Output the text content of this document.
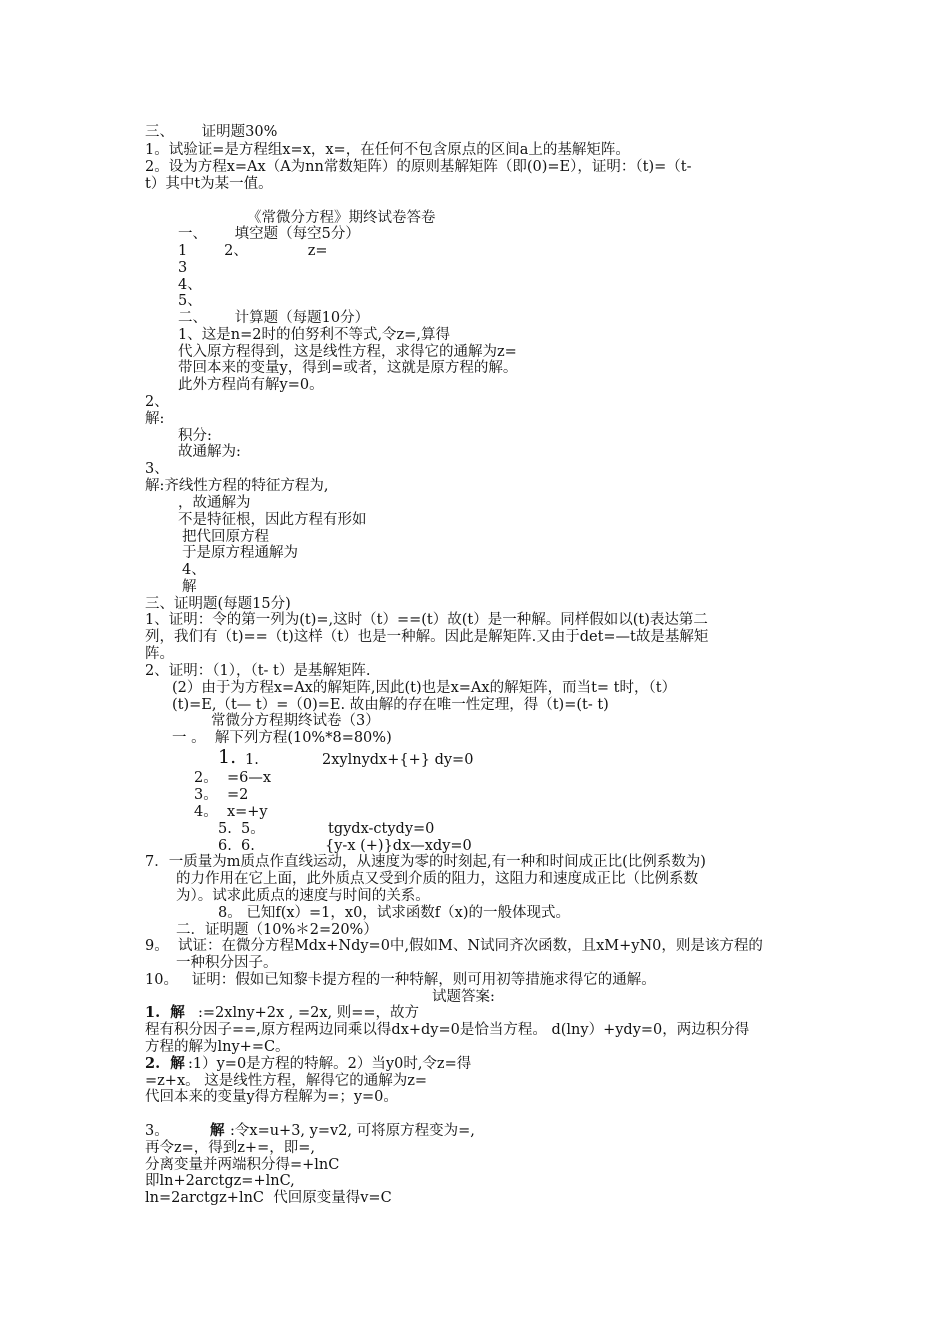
三、      证明题30%
1。试验证=是方程组x=x，x=，在任何不包含原点的区间a上的基解矩阵。
2。设为方程x=Ax（A为nn常数矩阵）的原则基解矩阵（即(0)=E），证明：（t)=（t-
t）其中t为某一值。
《常微分方程》期终试卷答卷
一、      填空题（每空5分）
1        2、             z=
3
4、
5、
二、      计算题（每题10分）
1、这是n=2时的伯努利不等式,令z=,算得
代入原方程得到，这是线性方程，求得它的通解为z=
带回本来的变量y，得到=或者，这就是原方程的解。
此外方程尚有解y=0。
2、
解:
积分:
故通解为:
3、
解:齐线性方程的特征方程为,
，故通解为
不是特征根，因此方程有形如
把代回原方程
于是原方程通解为
4、
解
三、证明题(每题15分)
1、证明：令的第一列为(t)=,这时（t）==(t）故(t）是一种解。同样假如以(t)表达第二
列，我们有（t)==（t)这样（t）也是一种解。因此是解矩阵.又由于det=—t故是基解矩
阵。
2、证明：（1），（t- t）是基解矩阵.
(2）由于为方程x=Ax的解矩阵,因此(t)也是x=Ax的解矩阵，而当t= t时，（t）
(t)=E,（t— t）=（0)=E. 故由解的存在唯一性定理，得（t)=(t- t)
常微分方程期终试卷（3）
一 。  解下列方程(10%*8=80%)
1. 1.	2xylnydx+{+} dy=0
2。  =6—x
3。  =2
4。  x=+y
5.  5。	tgydx-ctydy=0
6.  6.	{y-x (+)}dx—xdy=0
7．一质量为m质点作直线运动，从速度为零的时刻起,有一种和时间成正比(比例系数为)
的力作用在它上面，此外质点又受到介质的阻力，这阻力和速度成正比（比例系数
为）。试求此质点的速度与时间的关系。
8。 已知f(x）=1，x0，试求函数f（x)的一般体现式。
二．证明题（10%＊2=20%）
9。  试证：在微分方程Mdx+Ndy=0中,假如M、N试同齐次函数，且xM+yN0，则是该方程的
一种积分因子。
10。   证明：假如已知黎卡提方程的一种特解，则可用初等措施求得它的通解。
试题答案:
1.  解 :=2xlny+2x , =2x, 则==，故方
程有积分因子==,原方程两边同乘以得dx+dy=0是恰当方程。 d(lny）+ydy=0，两边积分得
方程的解为lny+=C。
2.  解 :1）y=0是方程的特解。2）当y0时,令z=得
=z+x。 这是线性方程，解得它的通解为z=
代回本来的变量y得方程解为=；y=0。
3。	解 :令x=u+3, y=v2, 可将原方程变为=,
再令z=，得到z+=，即=,
分离变量并两端积分得=+lnC
即ln+2arctgz=+lnC,
ln=2arctgz+lnC  代回原变量得v=C
